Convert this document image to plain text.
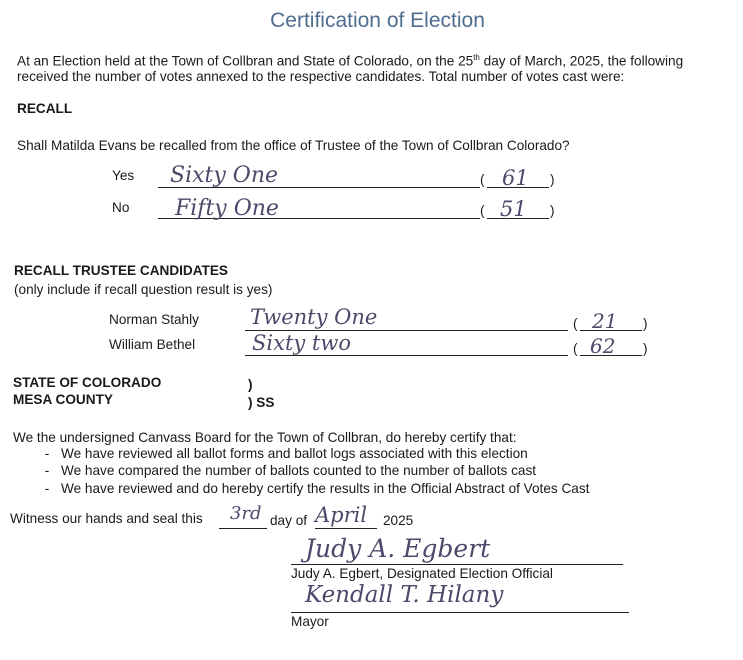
Certification of Election
At an Election held at the Town of Collbran and State of Colorado, on the 25th day of March, 2025, the following
received the number of votes annexed to the respective candidates. Total number of votes cast were:
RECALL
Shall Matilda Evans be recalled from the office of Trustee of the Town of Collbran Colorado?
Yes Sixty One	( 61 )
No Fifty One	( 51 )
RECALL TRUSTEE CANDIDATES
(only include if recall question result is yes)
Norman Stahly Twenty One	( 21 )
William Bethel	Sixty two	( 62 )
STATE OF COLORADO
MESA COUNTY
)
) SS
We the undersigned Canvass Board for the Town of Collbran, do hereby certify that:
- We have reviewed all ballot forms and ballot logs associated with this election
- We have compared the number of ballots counted to the number of ballots cast
- We have reviewed and do hereby certify the results in the Official Abstract of Votes Cast
Witness our hands and seal this 3rd day of April 2025
Judy A. Egbert
Judy A. Egbert, Designated Election Official
Kendall T. Hilany
Mayor
